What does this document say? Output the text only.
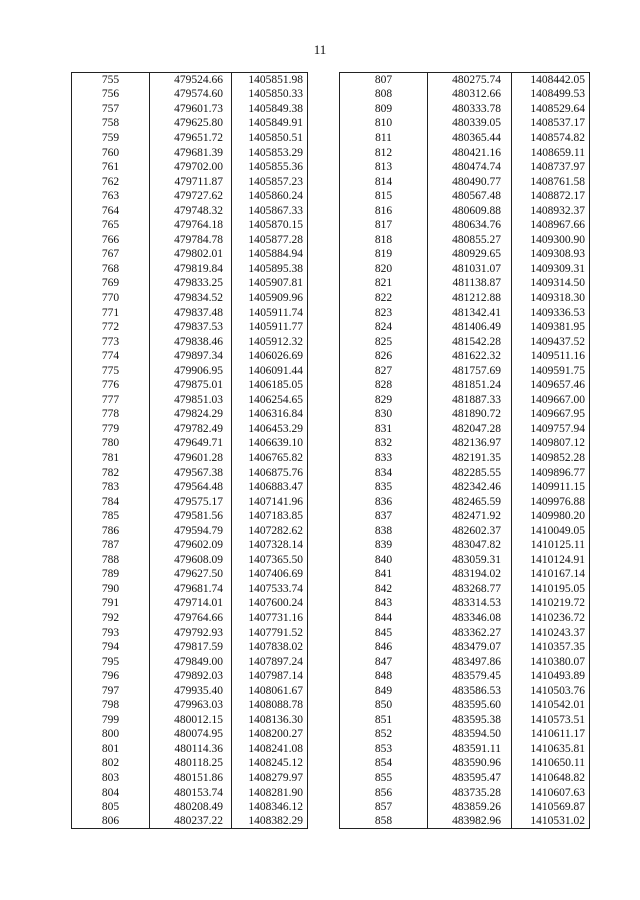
11
755	479524.66	1405851.98
756	479574.60	1405850.33
757	479601.73	1405849.38
758	479625.80	1405849.91
759	479651.72	1405850.51
760	479681.39	1405853.29
761	479702.00	1405855.36
762	479711.87	1405857.23
763	479727.62	1405860.24
764	479748.32	1405867.33
765	479764.18	1405870.15
766	479784.78	1405877.28
767	479802.01	1405884.94
768	479819.84	1405895.38
769	479833.25	1405907.81
770	479834.52	1405909.96
771	479837.48	1405911.74
772	479837.53	1405911.77
773	479838.46	1405912.32
774	479897.34	1406026.69
775	479906.95	1406091.44
776	479875.01	1406185.05
777	479851.03	1406254.65
778	479824.29	1406316.84
779	479782.49	1406453.29
780	479649.71	1406639.10
781	479601.28	1406765.82
782	479567.38	1406875.76
783	479564.48	1406883.47
784	479575.17	1407141.96
785	479581.56	1407183.85
786	479594.79	1407282.62
787	479602.09	1407328.14
788	479608.09	1407365.50
789	479627.50	1407406.69
790	479681.74	1407533.74
791	479714.01	1407600.24
792	479764.66	1407731.16
793	479792.93	1407791.52
794	479817.59	1407838.02
795	479849.00	1407897.24
796	479892.03	1407987.14
797	479935.40	1408061.67
798	479963.03	1408088.78
799	480012.15	1408136.30
800	480074.95	1408200.27
801	480114.36	1408241.08
802	480118.25	1408245.12
803	480151.86	1408279.97
804	480153.74	1408281.90
805	480208.49	1408346.12
806	480237.22	1408382.29
807	480275.74	1408442.05
808	480312.66	1408499.53
809	480333.78	1408529.64
810	480339.05	1408537.17
811	480365.44	1408574.82
812	480421.16	1408659.11
813	480474.74	1408737.97
814	480490.77	1408761.58
815	480567.48	1408872.17
816	480609.88	1408932.37
817	480634.76	1408967.66
818	480855.27	1409300.90
819	480929.65	1409308.93
820	481031.07	1409309.31
821	481138.87	1409314.50
822	481212.88	1409318.30
823	481342.41	1409336.53
824	481406.49	1409381.95
825	481542.28	1409437.52
826	481622.32	1409511.16
827	481757.69	1409591.75
828	481851.24	1409657.46
829	481887.33	1409667.00
830	481890.72	1409667.95
831	482047.28	1409757.94
832	482136.97	1409807.12
833	482191.35	1409852.28
834	482285.55	1409896.77
835	482342.46	1409911.15
836	482465.59	1409976.88
837	482471.92	1409980.20
838	482602.37	1410049.05
839	483047.82	1410125.11
840	483059.31	1410124.91
841	483194.02	1410167.14
842	483268.77	1410195.05
843	483314.53	1410219.72
844	483346.08	1410236.72
845	483362.27	1410243.37
846	483479.07	1410357.35
847	483497.86	1410380.07
848	483579.45	1410493.89
849	483586.53	1410503.76
850	483595.60	1410542.01
851	483595.38	1410573.51
852	483594.50	1410611.17
853	483591.11	1410635.81
854	483590.96	1410650.11
855	483595.47	1410648.82
856	483735.28	1410607.63
857	483859.26	1410569.87
858	483982.96	1410531.02
